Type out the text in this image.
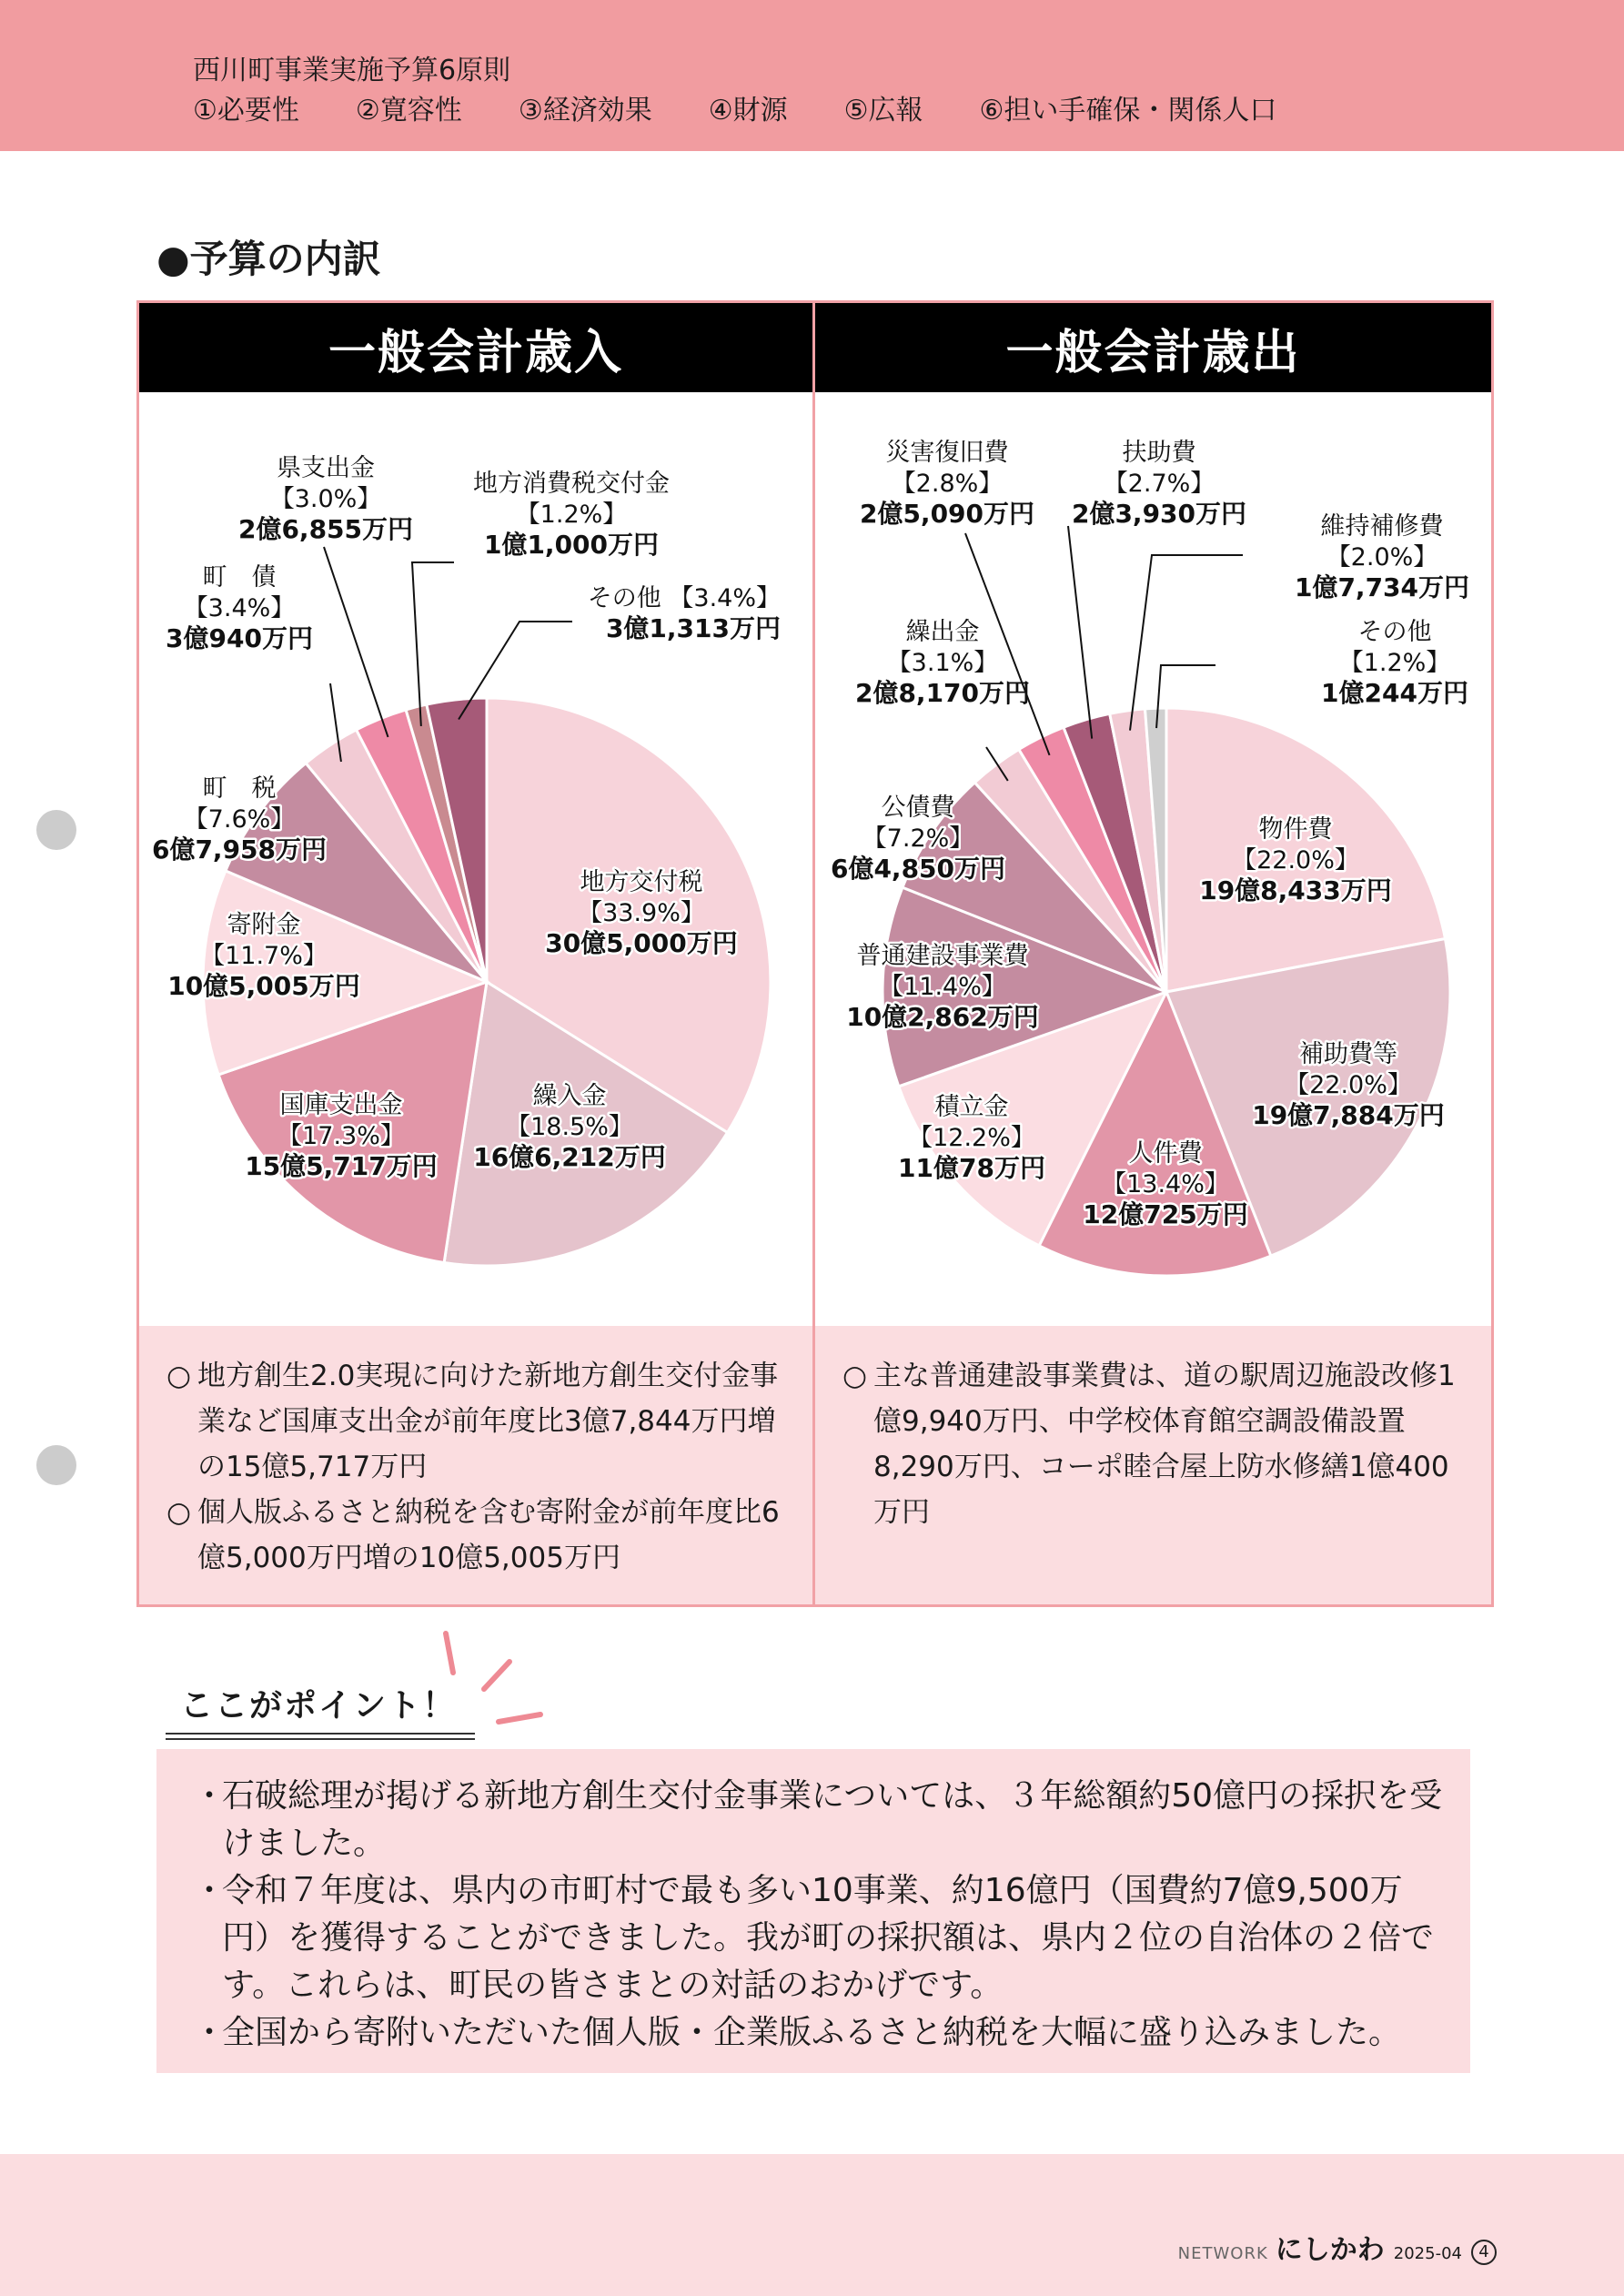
西川町事業実施予算6原則
①必要性 ②寛容性 ③経済効果 ④財源 ⑤広報 ⑥担い手確保・関係人口
●予算の内訳
一般会計歳入	一般会計歳出
地方交付税
【33.9%】
30億5,000万円
繰入金
【18.5%】
16億6,212万円
国庫支出金
【17.3%】
15億5,717万円
寄附金
【11.7%】
10億5,005万円
町　税
【7.6%】
6億7,958万円
町　債
【3.4%】
3億940万円
県支出金
【3.0%】
2億6,855万円
地方消費税交付金
【1.2%】
1億1,000万円
その他 【3.4%】
3億1,313万円
物件費
【22.0%】
19億8,433万円
補助費等
【22.0%】
19億7,884万円
人件費
【13.4%】
12億725万円
積立金
【12.2%】
11億78万円
普通建設事業費
【11.4%】
10億2,862万円
公債費
【7.2%】
6億4,850万円
繰出金
【3.1%】
2億8,170万円
災害復旧費
【2.8%】
2億5,090万円
扶助費
【2.7%】
2億3,930万円	維持補修費
【2.0%】
1億7,734万円
その他
【1.2%】
1億244万円
○ 地方創生2.0実現に向けた新地方創生交付金事業など国庫支出金が前年度比3億7,844万円増の15億5,717万円
○ 個人版ふるさと納税を含む寄附金が前年度比6億5,000万円増の10億5,005万円
○ 主な普通建設事業費は、道の駅周辺施設改修1億9,940万円、中学校体育館空調設備設置8,290万円、コーポ睦合屋上防水修繕1億400万円
ここがポイント！
・
石破総理が掲げる新地方創生交付金事業については、３年総額約50億円の採択を受けました。
・
令和７年度は、県内の市町村で最も多い10事業、約16億円（国費約7億9,500万円）を獲得することができました。我が町の採択額は、県内２位の自治体の２倍です。これらは、町民の皆さまとの対話のおかげです。
・
全国から寄附いただいた個人版・企業版ふるさと納税を大幅に盛り込みました。
NETWORK にしかわ 2025-04	4
